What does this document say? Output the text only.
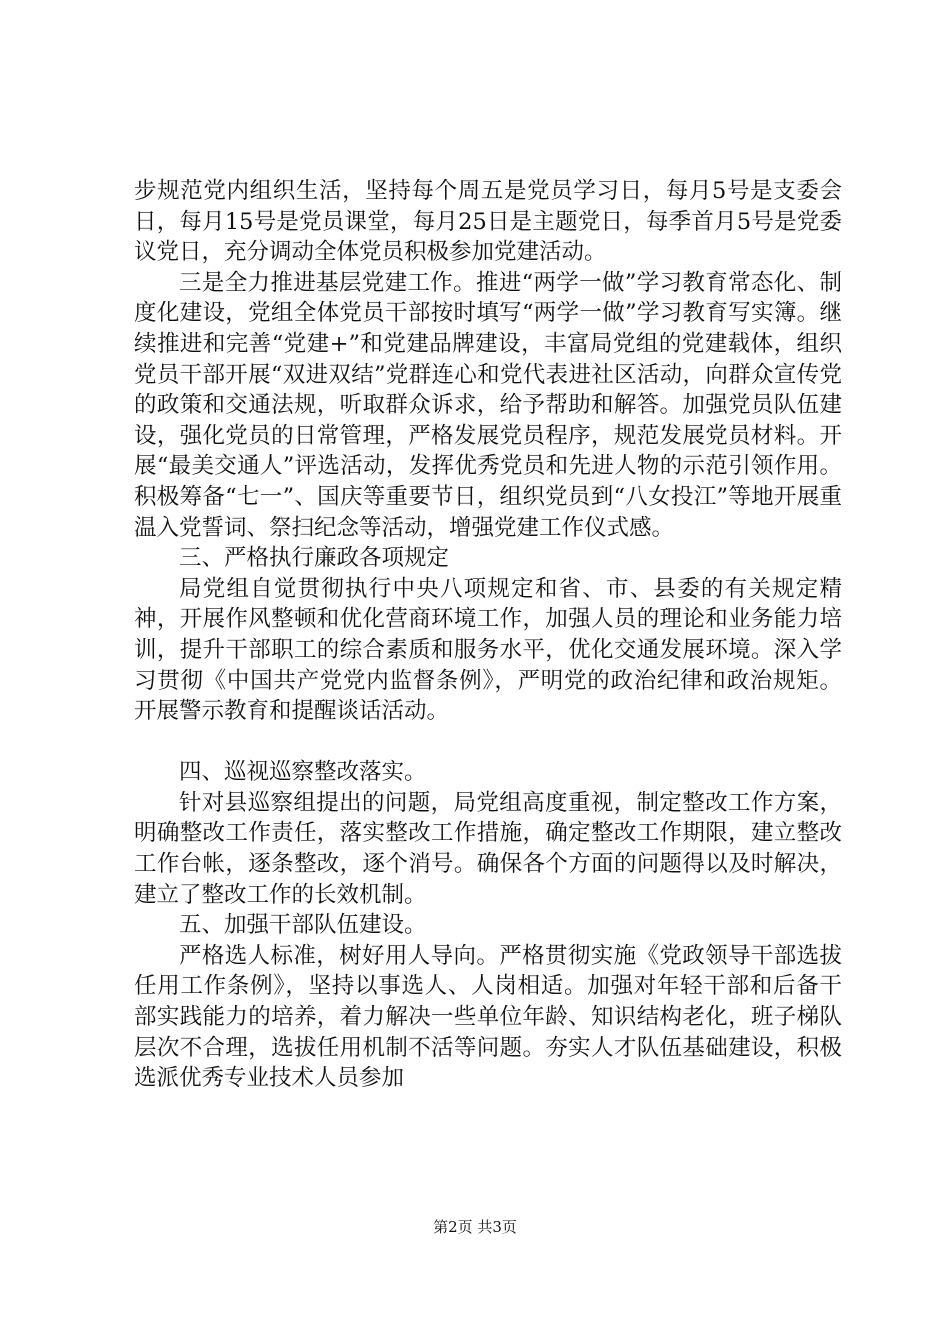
步规范党内组织生活，坚持每个周五是党员学习日，每月5号是支委会日，每月15号是党员课堂，每月25日是主题党日，每季首月5号是党委议党日，充分调动全体党员积极参加党建活动。

三是全力推进基层党建工作。推进“两学一做”学习教育常态化、制度化建设，党组全体党员干部按时填写“两学一做”学习教育写实簿。继续推进和完善“党建+”和党建品牌建设，丰富局党组的党建载体，组织党员干部开展“双进双结”党群连心和党代表进社区活动，向群众宣传党的政策和交通法规，听取群众诉求，给予帮助和解答。加强党员队伍建设，强化党员的日常管理，严格发展党员程序，规范发展党员材料。开展“最美交通人”评选活动，发挥优秀党员和先进人物的示范引领作用。积极筹备“七一”、国庆等重要节日，组织党员到“八女投江”等地开展重温入党誓词、祭扫纪念等活动，增强党建工作仪式感。

三、严格执行廉政各项规定

局党组自觉贯彻执行中央八项规定和省、市、县委的有关规定精神，开展作风整顿和优化营商环境工作，加强人员的理论和业务能力培训，提升干部职工的综合素质和服务水平，优化交通发展环境。深入学习贯彻《中国共产党党内监督条例》，严明党的政治纪律和政治规矩。开展警示教育和提醒谈话活动。

四、巡视巡察整改落实。

针对县巡察组提出的问题，局党组高度重视，制定整改工作方案，明确整改工作责任，落实整改工作措施，确定整改工作期限，建立整改工作台帐，逐条整改，逐个消号。确保各个方面的问题得以及时解决，建立了整改工作的长效机制。

五、加强干部队伍建设。

严格选人标准，树好用人导向。严格贯彻实施《党政领导干部选拔任用工作条例》，坚持以事选人、人岗相适。加强对年轻干部和后备干部实践能力的培养，着力解决一些单位年龄、知识结构老化，班子梯队层次不合理，选拔任用机制不活等问题。夯实人才队伍基础建设，积极选派优秀专业技术人员参加

第2页 共3页
